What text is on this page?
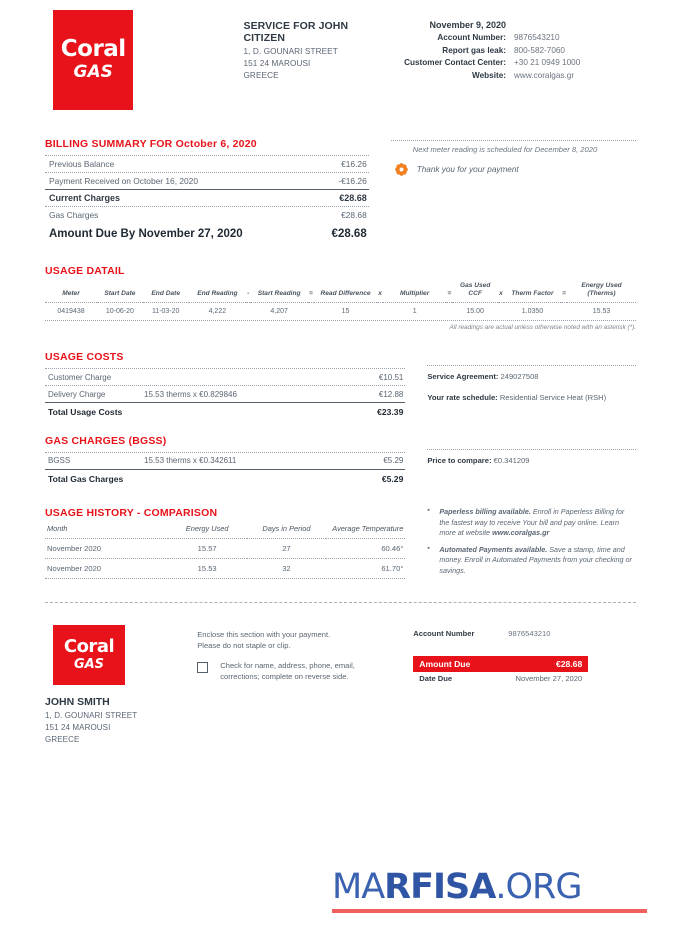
Coral
GAS
SERVICE FOR JOHN CITIZEN
1, D. GOUNARI STREET
151 24 MAROUSI
GREECE
November 9, 2020
Account Number: 9876543210
Report gas leak: 800-582-7060
Customer Contact Center: +30 21 0949 1000
Website: www.coralgas.gr
BILLING SUMMARY FOR October 6, 2020
Previous Balance	€16.26
Payment Received on October 16, 2020	-€16.26
Current Charges	€28.68
Gas Charges	€28.68
Amount Due By November 27, 2020	€28.68
Next meter reading is scheduled for December 8, 2020
Thank you for your payment
USAGE DATAIL
Meter	Start Date	End Date	End Reading	-	Start Reading	=	Read Difference	x	Multiplier	=	Gas Used CCF	x	Therm Factor	=	Energy Used (Therms)
0419438	10-06-20	11-03-20	4,222		4,207		15		1		15.00		1.0350		15.53
All readings are actual unless otherwise noted with an asterisk (*).
USAGE COSTS
Customer Charge	€10.51
Delivery Charge	15.53 therms x €0.829846	€12.88
Total Usage Costs	€23.39
Service Agreement: 249027508
Your rate schedule: Residential Service Heat (RSH)
GAS CHARGES (BGSS)
BGSS	15.53 therms x €0.342611	€5.29
Total Gas Charges	€5.29
Price to compare: €0.341209
USAGE HISTORY - COMPARISON
Month	Energy Used	Days in Period	Average Temperature
November 2020	15.57	27	60.46°
November 2020	15.53	32	61.70°
▪ Paperless billing available. Enroll in Paperless Billing for the fastest way to receive Your bill and pay online. Learn more at website www.coralgas.gr
▪ Automated Payments available. Save a stamp, time and money. Enroll in Automated Payments from your checking or savings.
Coral
GAS
JOHN SMITH
1, D. GOUNARI STREET
151 24 MAROUSI
GREECE
Enclose this section with your payment.
Please do not staple or clip.
Check for name, address, phone, email, corrections; complete on reverse side.
Account Number	9876543210
Amount Due	€28.68
Date Due	November 27, 2020
MARFISA.ORG
